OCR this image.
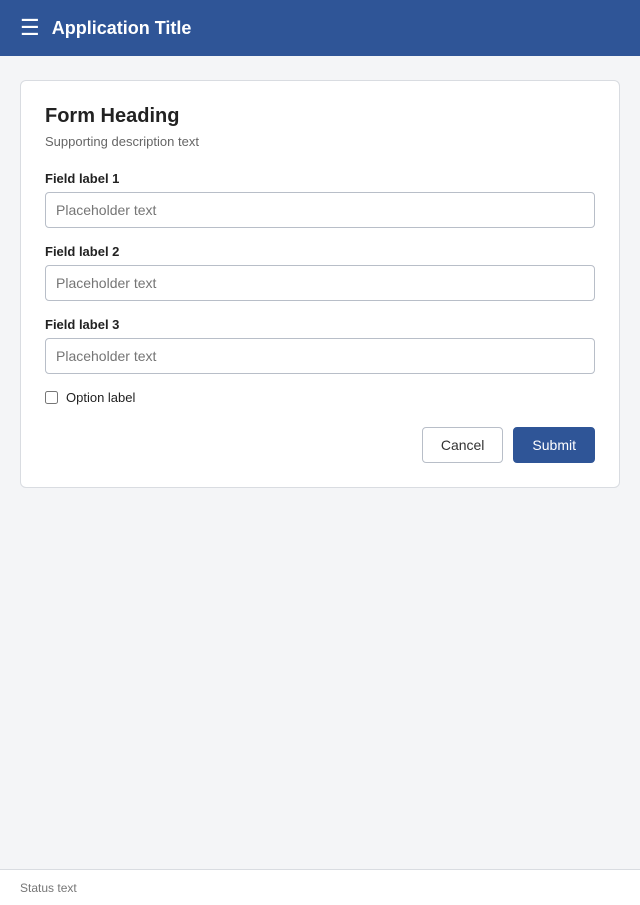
☰ Application Title
Form Heading

Supporting description text

Field label 1
Placeholder text
Field label 2
Placeholder text
Field label 3
Placeholder text
Option label
Cancel	Submit
Status text
